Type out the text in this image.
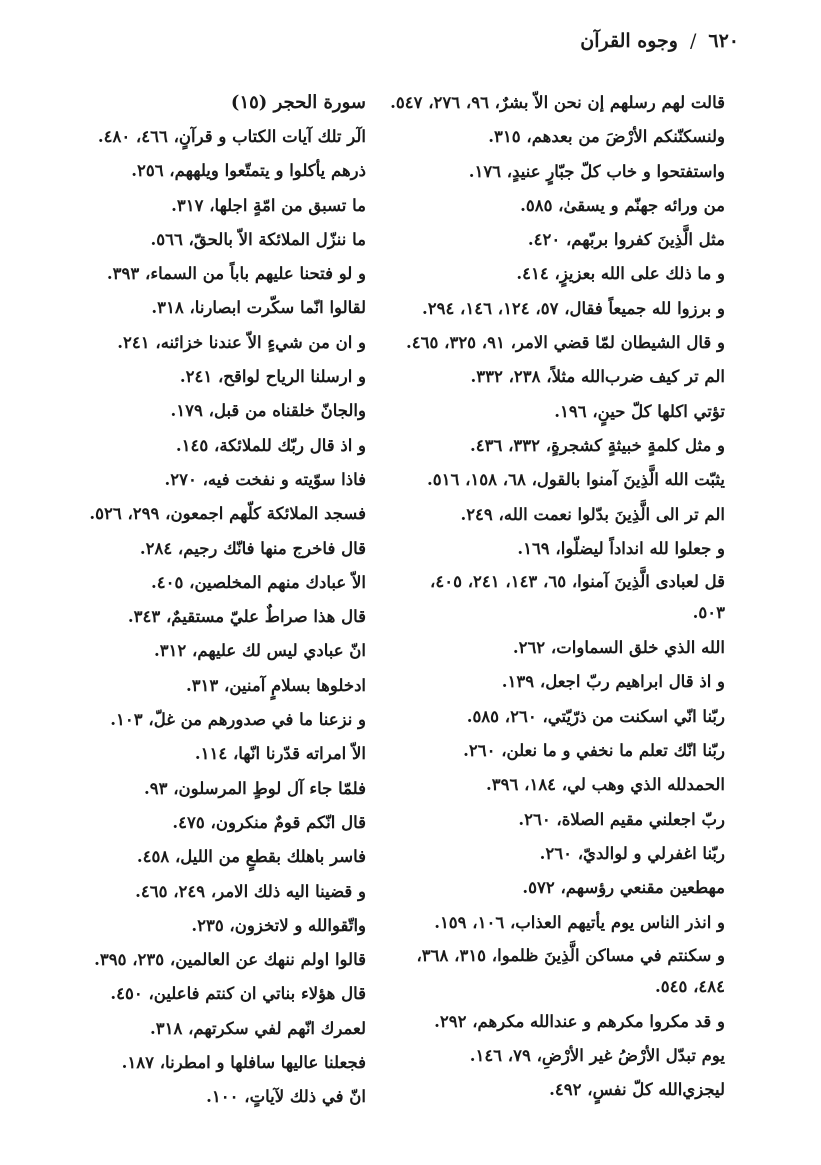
٦٢٠/وجوه القرآن
قالت لهم رسلهم إن نحن الاّ بشرٌ، ٩٦، ٢٧٦، ٥٤٧.
ولنسكنّنكم الأرْضَ من بعدهم، ٣١٥.
واستفتحوا و خاب كلّ جبّارٍ عنيدٍ، ١٧٦.
من ورائه جهنّم و يسقىٰ، ٥٨٥.
مثل الَّذِينَ كفروا بربّهم، ٤٢٠.
و ما ذلك على الله بعزيزٍ، ٤١٤.
و برزوا لله جميعاً فقال، ٥٧، ١٢٤، ١٤٦، ٢٩٤.
و قال الشيطان لمّا قضي الامر، ٩١، ٣٢٥، ٤٦٥.
الم تر كيف ضرب‌الله مثلاً، ٢٣٨، ٣٣٢.
تؤتي اكلها كلّ حينٍ، ١٩٦.
و مثل كلمةٍ خبيثةٍ كشجرةٍ، ٣٣٢، ٤٣٦.
يثبّت الله الَّذِينَ آمنوا بالقول، ٦٨، ١٥٨، ٥١٦.
الم تر الى الَّذِينَ بدّلوا نعمت الله، ٢٤٩.
و جعلوا لله انداداً ليضلّوا، ١٦٩.
قل لعبادى الَّذِينَ آمنوا، ٦٥، ١٤٣، ٢٤١، ٤٠٥، ٥٠٣.
الله الذي خلق السماوات، ٢٦٢.
و اذ قال ابراهيم ربّ اجعل، ١٣٩.
ربّنا انّي اسكنت من ذرّيّتي، ٢٦٠، ٥٨٥.
ربّنا انّك تعلم ما نخفي و ما نعلن، ٢٦٠.
الحمدلله الذي وهب لي، ١٨٤، ٣٩٦.
ربّ اجعلني مقيم الصلاة، ٢٦٠.
ربّنا اغفرلي و لوالديّ، ٢٦٠.
مهطعين مقنعي رؤسهم، ٥٧٢.
و انذر الناس يوم يأتيهم العذاب، ١٠٦، ١٥٩.
و سكنتم في مساكن الَّذِينَ ظلموا، ٣١٥، ٣٦٨، ٤٨٤، ٥٤٥.
و قد مكروا مكرهم و عندالله مكرهم، ٢٩٢.
يوم تبدّل الأرْضُ غير الأرْضِ، ٧٩، ١٤٦.
ليجزي‌الله كلّ نفسٍ، ٤٩٢.
سورة الحجر (١٥)
الٓر تلك آيات الكتاب و قرآنٍ، ٤٦٦، ٤٨٠.
ذرهم يأكلوا و يتمتّعوا ويلههم، ٢٥٦.
ما تسبق من امّةٍ اجلها، ٣١٧.
ما ننزّل الملائكة الاّ بالحقّ، ٥٦٦.
و لو فتحنا عليهم باباً من السماء، ٣٩٣.
لقالوا انّما سكّرت ابصارنا، ٣١٨.
و ان من شيءٍ الاّ عندنا خزائنه، ٢٤١.
و ارسلنا الرياح لواقح، ٢٤١.
والجانّ خلقناه من قبل، ١٧٩.
و اذ قال ربّك للملائكة، ١٤٥.
فاذا سوّيته و نفخت فيه، ٢٧٠.
فسجد الملائكة كلّهم اجمعون، ٢٩٩، ٥٢٦.
قال فاخرج منها فانّك رجيم، ٢٨٤.
الاّ عبادك منهم المخلصين، ٤٠٥.
قال هذا صراطٌ عليّ مستقيمٌ، ٣٤٣.
انّ عبادي ليس لك عليهم، ٣١٢.
ادخلوها بسلامٍ آمنين، ٣١٣.
و نزعنا ما في صدورهم من غلّ، ١٠٣.
الاّ امراته قدّرنا انّها، ١١٤.
فلمّا جاء آل لوطٍ المرسلون، ٩٣.
قال انّكم قومٌ منكرون، ٤٧٥.
فاسر باهلك بقطعٍ من الليل، ٤٥٨.
و قضينا اليه ذلك الامر، ٢٤٩، ٤٦٥.
واتّقوالله و لاتخزون، ٢٣٥.
قالوا اولم ننهك عن العالمين، ٢٣٥، ٣٩٥.
قال هؤلاء بناتي ان كنتم فاعلين، ٤٥٠.
لعمرك انّهم لفي سكرتهم، ٣١٨.
فجعلنا عاليها سافلها و امطرنا، ١٨٧.
انّ في ذلك لآياتٍ، ١٠٠.
